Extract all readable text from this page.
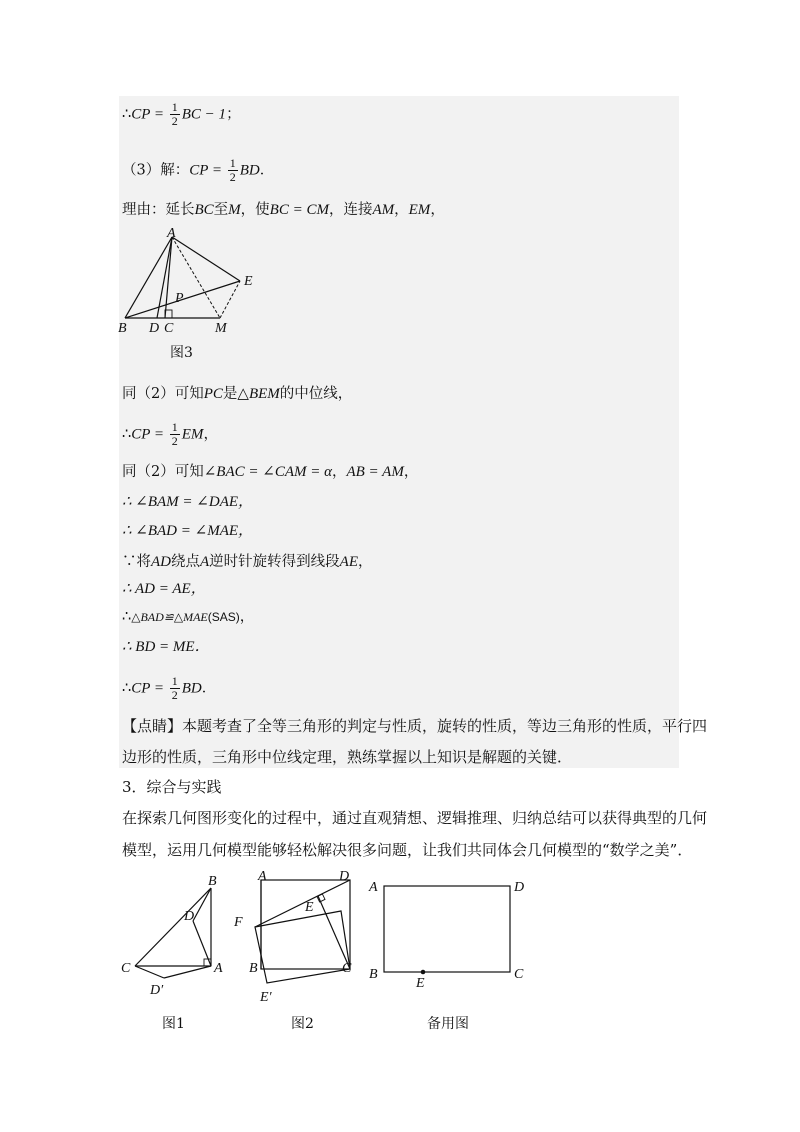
∴CP = $\frac{1}{2}$ BC − 1；
（3）解：CP = $\frac{1}{2}$ BD．
理由：延长BC至M，使BC = CM，连接AM，EM，
A
B D C	M
E
P
图3
同（2）可知PC是△BEM的中位线，
∴CP = $\frac{1}{2}$ EM，
同（2）可知∠BAC = ∠CAM = α，AB = AM，
∴ ∠BAM = ∠DAE，
∴ ∠BAD = ∠MAE，
∵将AD绕点A逆时针旋转得到线段AE，
∴ AD = AE，
∴△BAD≌△MAE(SAS)，
∴ BD = ME．
∴CP = $\frac{1}{2}$ BD．
【点睛】本题考查了全等三角形的判定与性质，旋转的性质，等边三角形的性质，平行四
边形的性质，三角形中位线定理，熟练掌握以上知识是解题的关键．
3．综合与实践
在探索几何图形变化的过程中，通过直观猜想、逻辑推理、归纳总结可以获得典型的几何
模型，运用几何模型能够轻松解决很多问题，让我们共同体会几何模型的“数学之美”．
B
D
C	A
D′
图1
A	D
E
F
B	C
E′
图2
A	D
B
E
C
备用图
